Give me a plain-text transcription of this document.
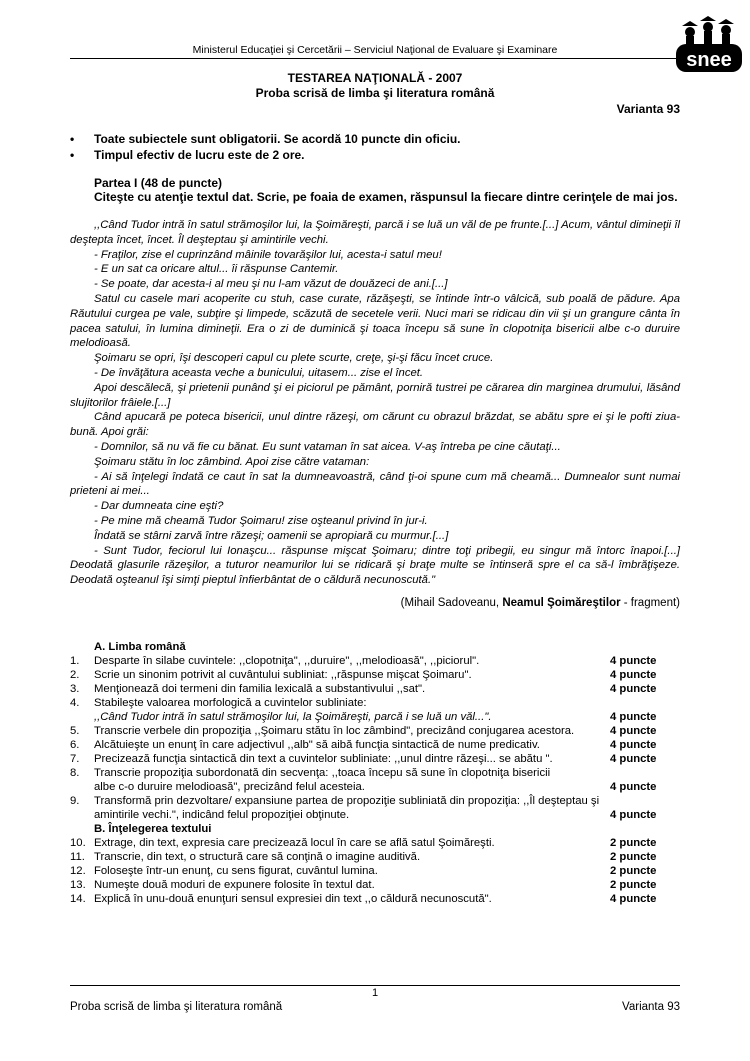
Ministerul Educaţiei şi Cercetării – Serviciul Naţional de Evaluare şi Examinare	snee
TESTAREA NAŢIONALĂ - 2007
Proba scrisă de limba şi literatura română
Varianta 93
•	Toate subiectele sunt obligatorii. Se acordă 10 puncte din oficiu.
•	Timpul efectiv de lucru este de 2 ore.
Partea I (48 de puncte)
Citeşte cu atenţie textul dat. Scrie, pe foaia de examen, răspunsul la fiecare dintre cerinţele de mai jos.

,,Când Tudor intră în satul strămoşilor lui, la Şoimăreşti, parcă i se luă un văl de pe frunte.[...] Acum, vântul dimineţii îl deştepta încet, încet. Îl deşteptau şi amintirile vechi.

- Fraţilor, zise el cuprinzând mâinile tovarăşilor lui, acesta-i satul meu!

- E un sat ca oricare altul... îi răspunse Cantemir.

- Se poate, dar acesta-i al meu şi nu l-am văzut de douăzeci de ani.[...]

Satul cu casele mari acoperite cu stuh, case curate, răzăşeşti, se întinde într-o vâlcică, sub poală de pădure. Apa Răutului curgea pe vale, subţire şi limpede, scăzută de secetele verii. Nuci mari se ridicau din vii şi un grangure cânta în pacea satului, în lumina dimineţii. Era o zi de duminică şi toaca începu să sune în clopotniţa bisericii albe c-o duruire melodioasă.

Şoimaru se opri, îşi descoperi capul cu plete scurte, creţe, şi-şi făcu încet cruce.

- De învăţătura aceasta veche a bunicului, uitasem... zise el încet.

Apoi descălecă, şi prietenii punând şi ei piciorul pe pământ, porniră tustrei pe cărarea din marginea drumului, lăsând slujitorilor frâiele.[...]

Când apucară pe poteca bisericii, unul dintre răzeşi, om cărunt cu obrazul brăzdat, se abătu spre ei şi le pofti ziua-bună. Apoi grăi:

- Domnilor, să nu vă fie cu bănat. Eu sunt vataman în sat aicea. V-aş întreba pe cine căutaţi...

Şoimaru stătu în loc zâmbind. Apoi zise către vataman:

- Ai să înţelegi îndată ce caut în sat la dumneavoastră, când ţi-oi spune cum mă cheamă... Dumnealor sunt numai prieteni ai mei...

- Dar dumneata cine eşti?

- Pe mine mă cheamă Tudor Şoimaru! zise oşteanul privind în jur-i.

Îndată se stârni zarvă între răzeşi; oamenii se apropiară cu murmur.[...]

- Sunt Tudor, feciorul lui Ionaşcu... răspunse mişcat Şoimaru; dintre toţi pribegii, eu singur mă întorc înapoi.[...] Deodată glasurile răzeşilor, a tuturor neamurilor lui se ridicară şi braţe multe se întinseră spre el ca să-l îmbrăţişeze. Deodată oşteanul îşi simţi pieptul înfierbântat de o căldură necunoscută."

(Mihail Sadoveanu, Neamul Şoimăreştilor - fragment)
A. Limba română
1.	Desparte în silabe cuvintele: ,,clopotniţa", ,,duruire", ,,melodioasă", ,,piciorul".	4 puncte
2.	Scrie un sinonim potrivit al cuvântului subliniat: ,,răspunse mişcat Şoimaru".	4 puncte
3.	Menţionează doi termeni din familia lexicală a substantivului ,,sat".	4 puncte
4.	Stabileşte valoarea morfologică a cuvintelor subliniate:
,,Când Tudor intră în satul strămoşilor lui, la Şoimăreşti, parcă i se luă un văl...".	4 puncte
5.	Transcrie verbele din propoziţia ,,Şoimaru stătu în loc zâmbind", precizând conjugarea acestora.	4 puncte
6.	Alcătuieşte un enunţ în care adjectivul ,,alb" să aibă funcţia sintactică de nume predicativ.	4 puncte
7.	Precizează funcţia sintactică din text a cuvintelor subliniate: ,,unul dintre răzeşi... se abătu ".	4 puncte
8.	Transcrie propoziţia subordonată din secvenţa: ,,toaca începu să sune în clopotniţa bisericii
albe c-o duruire melodioasă", precizând felul acesteia.	4 puncte
9.	Transformă prin dezvoltare/ expansiune partea de propoziţie subliniată din propoziţia: ,,Îl deşteptau şi
amintirile vechi.", indicând felul propoziţiei obţinute.	4 puncte
B. Înţelegerea textului
10. Extrage, din text, expresia care precizează locul în care se află satul Şoimăreşti.	2 puncte
11. Transcrie, din text, o structură care să conţină o imagine auditivă.	2 puncte
12. Foloseşte într-un enunţ, cu sens figurat, cuvântul lumina.	2 puncte
13. Numeşte două moduri de expunere folosite în textul dat.	2 puncte
14. Explică în unu-două enunţuri sensul expresiei din text ,,o căldură necunoscută".	4 puncte
1
Proba scrisă de limba şi literatura română	Varianta 93
